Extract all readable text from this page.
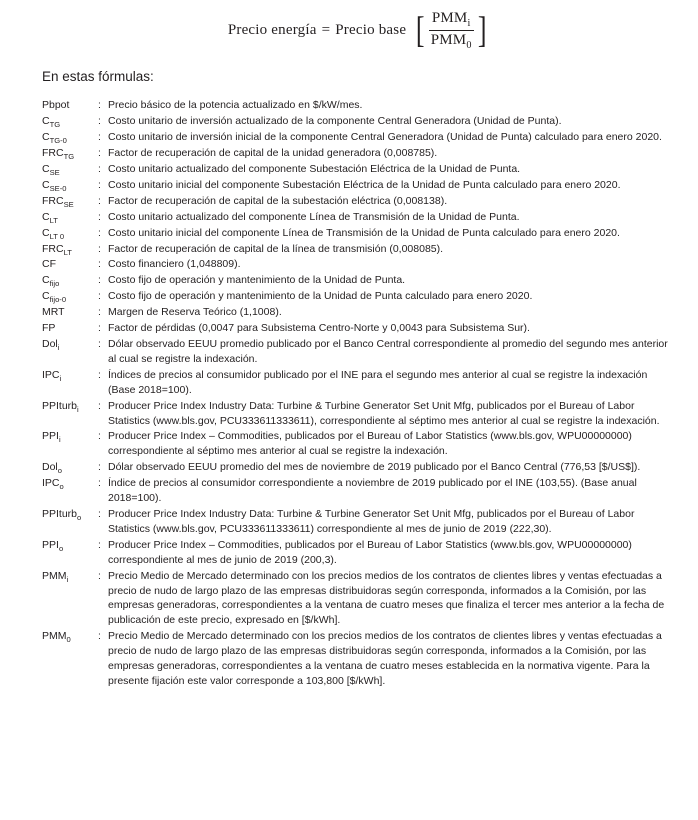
Precio energía = Precio base [ $\frac{PMM_i}{PMM_0}$ ]
En estas fórmulas:
Pbpot	: Precio básico de la potencia actualizado en $/kW/mes.
$C_{TG}$	: Costo unitario de inversión actualizado de la componente Central Generadora (Unidad de Punta).
$C_{TG-0}$	: Costo unitario de inversión inicial de la componente Central Generadora (Unidad de Punta) calculado para enero 2020.
$FRC_{TG}$	: Factor de recuperación de capital de la unidad generadora (0,008785).
$C_{SE}$	: Costo unitario actualizado del componente Subestación Eléctrica de la Unidad de Punta.
$C_{SE-0}$	: Costo unitario inicial del componente Subestación Eléctrica de la Unidad de Punta calculado para enero 2020.
$FRC_{SE}$	: Factor de recuperación de capital de la subestación eléctrica (0,008138).
$C_{LT}$	: Costo unitario actualizado del componente Línea de Transmisión de la Unidad de Punta.
$C_{LT 0}$	: Costo unitario inicial del componente Línea de Transmisión de la Unidad de Punta calculado para enero 2020.
$FRC_{LT}$	: Factor de recuperación de capital de la línea de transmisión (0,008085).
CF	: Costo financiero (1,048809).
$C_{fijo}$	: Costo fijo de operación y mantenimiento de la Unidad de Punta.
$C_{fijo-0}$	: Costo fijo de operación y mantenimiento de la Unidad de Punta calculado para enero 2020.
MRT	: Margen de Reserva Teórico (1,1008).
FP	: Factor de pérdidas (0,0047 para Subsistema Centro-Norte y 0,0043 para Subsistema Sur).
Dol$_i$	: Dólar observado EEUU promedio publicado por el Banco Central correspondiente al promedio del segundo mes anterior al cual se registre la indexación.
$IPC_i$	: Índices de precios al consumidor publicado por el INE para el segundo mes anterior al cual se registre la indexación (Base 2018=100).
PPIturb$_i$	: Producer Price Index Industry Data: Turbine & Turbine Generator Set Unit Mfg, publicados por el Bureau of Labor Statistics (www.bls.gov, PCU333611333611), correspondiente al séptimo mes anterior al cual se registre la indexación.
$PPI_i$	: Producer Price Index – Commodities, publicados por el Bureau of Labor Statistics (www.bls.gov, WPU00000000) correspondiente al séptimo mes anterior al cual se registre la indexación.
Dol$_o$	: Dólar observado EEUU promedio del mes de noviembre de 2019 publicado por el Banco Central (776,53 [$/US$]).
$IPC_o$	: Índice de precios al consumidor correspondiente a noviembre de 2019 publicado por el INE (103,55). (Base anual 2018=100).
PPIturb$_o$	: Producer Price Index Industry Data: Turbine & Turbine Generator Set Unit Mfg, publicados por el Bureau of Labor Statistics (www.bls.gov, PCU333611333611) correspondiente al mes de junio de 2019 (222,30).
$PPI_o$	: Producer Price Index – Commodities, publicados por el Bureau of Labor Statistics (www.bls.gov, WPU00000000) correspondiente al mes de junio de 2019 (200,3).
$PMM_i$	: Precio Medio de Mercado determinado con los precios medios de los contratos de clientes libres y ventas efectuadas a precio de nudo de largo plazo de las empresas distribuidoras según corresponda, informados a la Comisión, por las empresas generadoras, correspondientes a la ventana de cuatro meses que finaliza el tercer mes anterior a la fecha de publicación de este precio, expresado en [$/kWh].
$PMM_0$	: Precio Medio de Mercado determinado con los precios medios de los contratos de clientes libres y ventas efectuadas a precio de nudo de largo plazo de las empresas distribuidoras según corresponda, informados a la Comisión, por las empresas generadoras, correspondientes a la ventana de cuatro meses establecida en la normativa vigente. Para la presente fijación este valor corresponde a 103,800 [$/kWh].
